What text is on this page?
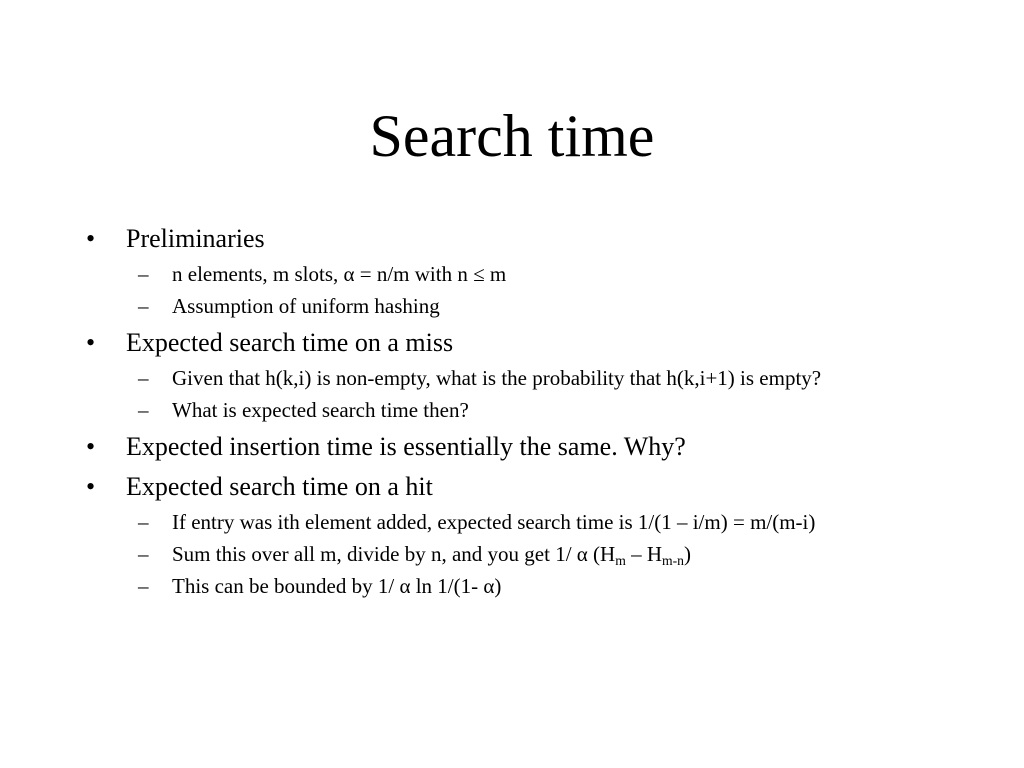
Search time
• Preliminaries
– n elements, m slots, α = n/m with n ≤ m
– Assumption of uniform hashing
• Expected search time on a miss
– Given that h(k,i) is non-empty, what is the probability that h(k,i+1) is empty?
– What is expected search time then?
• Expected insertion time is essentially the same. Why?
• Expected search time on a hit
– If entry was ith element added, expected search time is 1/(1 – i/m) = m/(m-i)
– Sum this over all m, divide by n, and you get 1/ α $(H_m - H_{m-n})$
– This can be bounded by 1/ α ln 1/(1- α)
